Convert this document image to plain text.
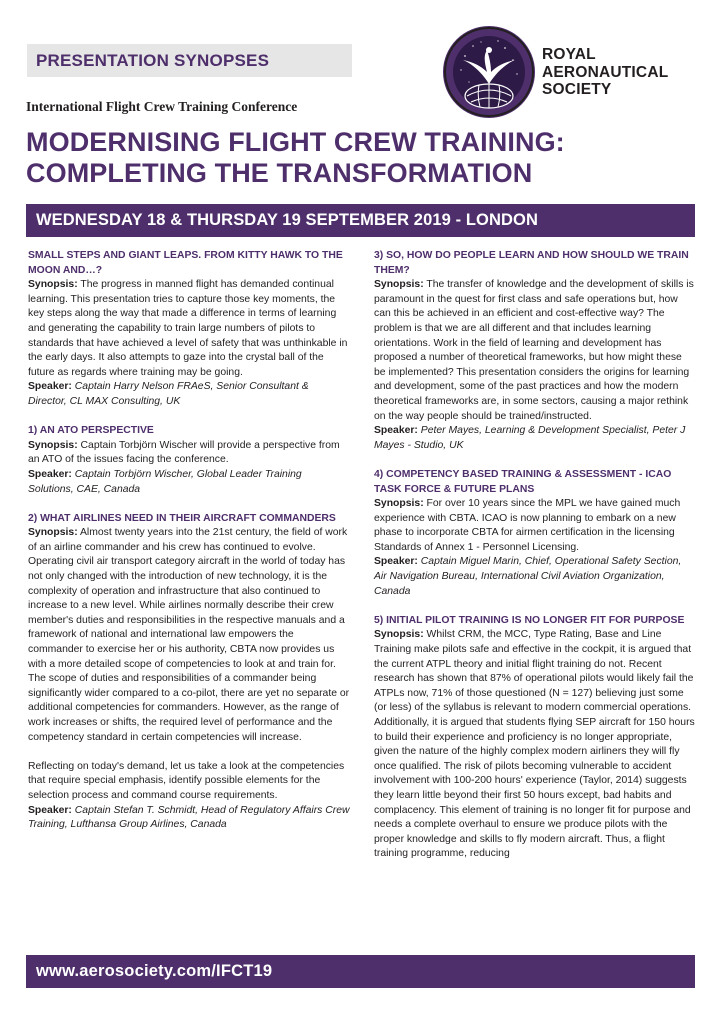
PRESENTATION SYNOPSES
International Flight Crew Training Conference
ROYAL
AERONAUTICAL
SOCIETY
MODERNISING FLIGHT CREW TRAINING:
COMPLETING THE TRANSFORMATION
WEDNESDAY 18 & THURSDAY 19 SEPTEMBER 2019 - LONDON
SMALL STEPS AND GIANT LEAPS. FROM KITTY HAWK TO THE MOON AND…?
Synopsis: The progress in manned flight has demanded continual learning. This presentation tries to capture those key moments, the key steps along the way that made a difference in terms of learning and generating the capability to train large numbers of pilots to standards that have achieved a level of safety that was unthinkable in the early days. It also attempts to gaze into the crystal ball of the future as regards where training may be going.
Speaker: Captain Harry Nelson FRAeS, Senior Consultant & Director, CL MAX Consulting, UK
1) AN ATO PERSPECTIVE
Synopsis: Captain Torbjörn Wischer will provide a perspective from an ATO of the issues facing the conference.
Speaker: Captain Torbjörn Wischer, Global Leader Training Solutions, CAE, Canada
2) WHAT AIRLINES NEED IN THEIR AIRCRAFT COMMANDERS
Synopsis: Almost twenty years into the 21st century, the field of work of an airline commander and his crew has continued to evolve. Operating civil air transport category aircraft in the world of today has not only changed with the introduction of new technology, it is the complexity of operation and infrastructure that also continued to increase to a new level. While airlines normally describe their crew member's duties and responsibilities in the respective manuals and a framework of national and international law empowers the commander to exercise her or his authority, CBTA now provides us with a more detailed scope of competencies to look at and train for. The scope of duties and responsibilities of a commander being significantly wider compared to a co-pilot, there are yet no separate or additional competencies for commanders. However, as the range of work increases or shifts, the required level of performance and the competency standard in certain competencies will increase.
Reflecting on today's demand, let us take a look at the competencies that require special emphasis, identify possible elements for the selection process and command course requirements.
Speaker: Captain Stefan T. Schmidt, Head of Regulatory Affairs Crew Training, Lufthansa Group Airlines, Canada
3) SO, HOW DO PEOPLE LEARN AND HOW SHOULD WE TRAIN THEM?
Synopsis: The transfer of knowledge and the development of skills is paramount in the quest for first class and safe operations but, how can this be achieved in an efficient and cost-effective way? The problem is that we are all different and that includes learning orientations. Work in the field of learning and development has proposed a number of theoretical frameworks, but how might these be implemented? This presentation considers the origins for learning and development, some of the past practices and how the modern theoretical frameworks are, in some sectors, causing a major rethink on the way people should be trained/instructed.
Speaker: Peter Mayes, Learning & Development Specialist, Peter J Mayes - Studio, UK
4) COMPETENCY BASED TRAINING & ASSESSMENT - ICAO TASK FORCE & FUTURE PLANS
Synopsis: For over 10 years since the MPL we have gained much experience with CBTA. ICAO is now planning to embark on a new phase to incorporate CBTA for airmen certification in the licensing Standards of Annex 1 - Personnel Licensing.
Speaker: Captain Miguel Marin, Chief, Operational Safety Section, Air Navigation Bureau, International Civil Aviation Organization, Canada
5) INITIAL PILOT TRAINING IS NO LONGER FIT FOR PURPOSE
Synopsis: Whilst CRM, the MCC, Type Rating, Base and Line Training make pilots safe and effective in the cockpit, it is argued that the current ATPL theory and initial flight training do not. Recent research has shown that 87% of operational pilots would likely fail the ATPLs now, 71% of those questioned (N = 127) believing just some (or less) of the syllabus is relevant to modern commercial operations. Additionally, it is argued that students flying SEP aircraft for 150 hours to build their experience and proficiency is no longer appropriate, given the nature of the highly complex modern airliners they will fly once qualified. The risk of pilots becoming vulnerable to accident involvement with 100-200 hours' experience (Taylor, 2014) suggests they learn little beyond their first 50 hours except, bad habits and complacency. This element of training is no longer fit for purpose and needs a complete overhaul to ensure we produce pilots with the proper knowledge and skills to fly modern aircraft. Thus, a flight training programme, reducing
www.aerosociety.com/IFCT19
